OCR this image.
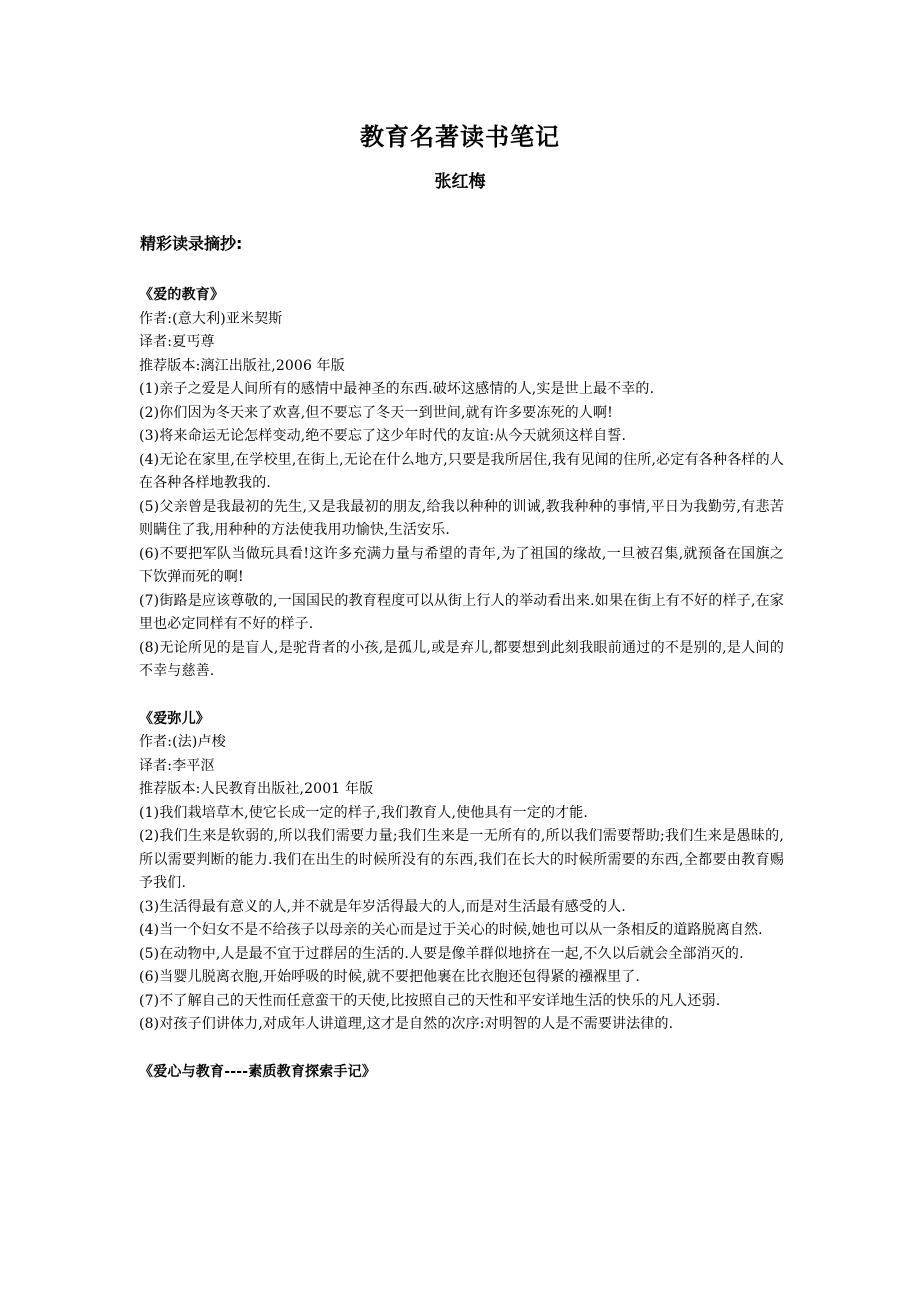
教育名著读书笔记
张红梅
精彩读录摘抄:
《爱的教育》
作者:(意大利)亚米契斯
译者:夏丐尊
推荐版本:漓江出版社,2006 年版
(1)亲子之爱是人间所有的感情中最神圣的东西.破坏这感情的人,实是世上最不幸的.
(2)你们因为冬天来了欢喜,但不要忘了冬天一到世间,就有许多要冻死的人啊!
(3)将来命运无论怎样变动,绝不要忘了这少年时代的友谊:从今天就须这样自誓.
(4)无论在家里,在学校里,在街上,无论在什么地方,只要是我所居住,我有见闻的住所,必定有各种各样的人在各种各样地教我的.
(5)父亲曾是我最初的先生,又是我最初的朋友,给我以种种的训诫,教我种种的事情,平日为我勤劳,有悲苦则瞒住了我,用种种的方法使我用功愉快,生活安乐.
(6)不要把军队当做玩具看!这许多充满力量与希望的青年,为了祖国的缘故,一旦被召集,就预备在国旗之下饮弹而死的啊!
(7)街路是应该尊敬的,一国国民的教育程度可以从街上行人的举动看出来.如果在街上有不好的样子,在家里也必定同样有不好的样子.
(8)无论所见的是盲人,是驼背者的小孩,是孤儿,或是弃儿,都要想到此刻我眼前通过的不是别的,是人间的不幸与慈善.
《爱弥儿》
作者:(法)卢梭
译者:李平沤
推荐版本:人民教育出版社,2001 年版
(1)我们栽培草木,使它长成一定的样子,我们教育人,使他具有一定的才能.
(2)我们生来是软弱的,所以我们需要力量;我们生来是一无所有的,所以我们需要帮助;我们生来是愚昧的,所以需要判断的能力.我们在出生的时候所没有的东西,我们在长大的时候所需要的东西,全都要由教育赐予我们.
(3)生活得最有意义的人,并不就是年岁活得最大的人,而是对生活最有感受的人.
(4)当一个妇女不是不给孩子以母亲的关心而是过于关心的时候,她也可以从一条相反的道路脱离自然.
(5)在动物中,人是最不宜于过群居的生活的.人要是像羊群似地挤在一起,不久以后就会全部消灭的.
(6)当婴儿脱离衣胞,开始呼吸的时候,就不要把他裹在比衣胞还包得紧的襁褓里了.
(7)不了解自己的天性而任意蛮干的天使,比按照自己的天性和平安详地生活的快乐的凡人还弱.
(8)对孩子们讲体力,对成年人讲道理,这才是自然的次序:对明智的人是不需要讲法律的.
《爱心与教育----素质教育探索手记》
